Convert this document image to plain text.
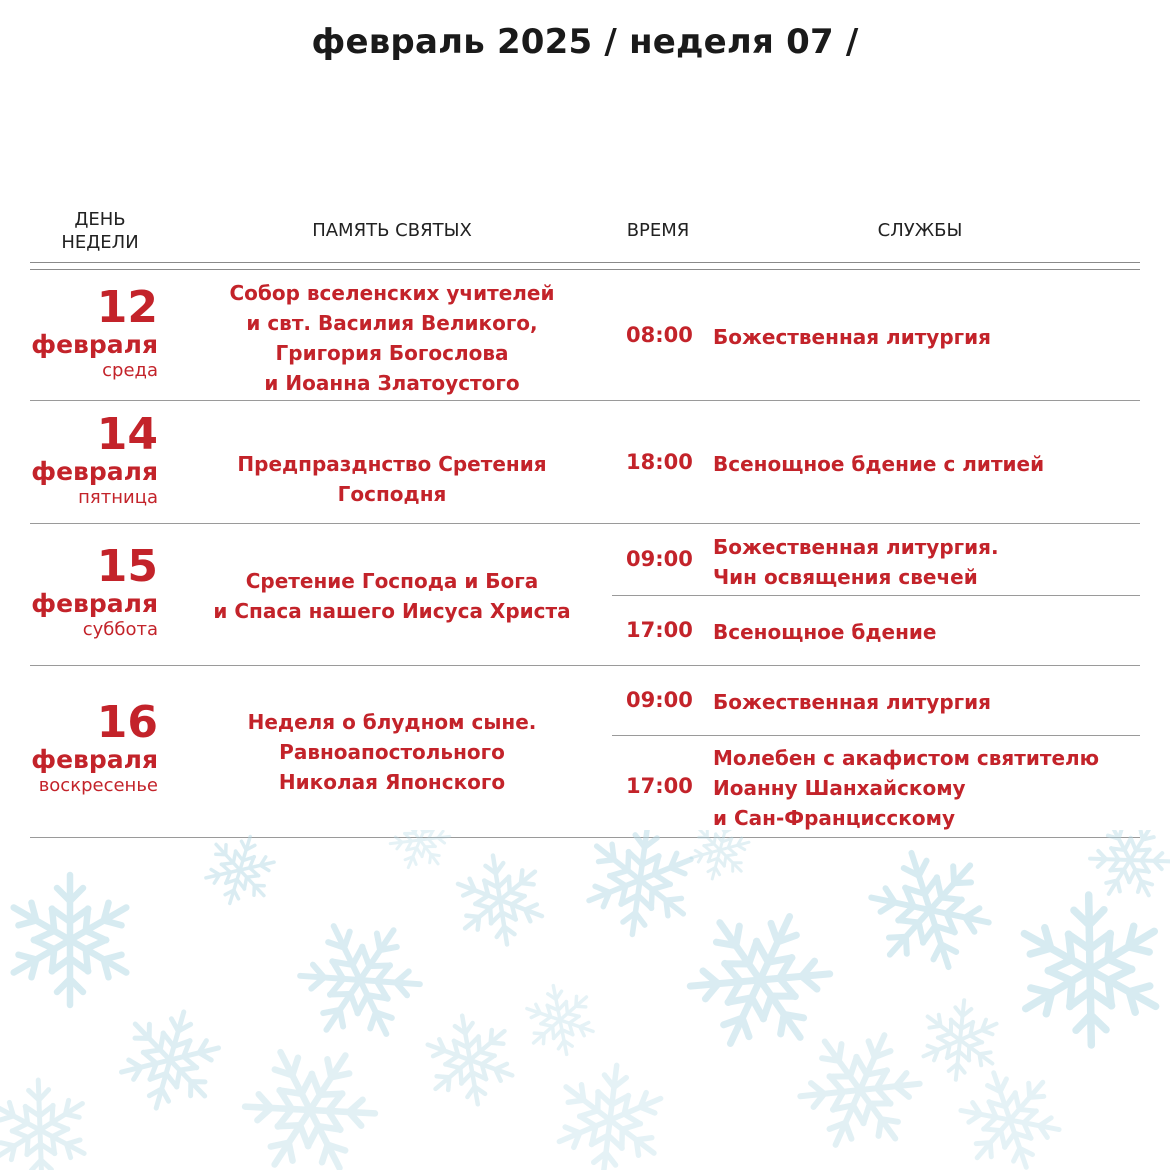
февраль 2025 / неделя 07 /
ДЕНЬ
НЕДЕЛИ
ПАМЯТЬ СВЯТЫХ	ВРЕМЯ	СЛУЖБЫ
12
февраля
среда
Собор вселенских учителей
и свт. Василия Великого,
Григория Богослова
и Иоанна Златоустого
08:00 Божественная литургия
14
февраля
пятница
Предпразднство Сретения Господня
18:00 Всенощное бдение с литией
15
февраля
суббота
Сретение Господа и Бога
и Спаса нашего Иисуса Христа
09:00 Божественная литургия.
Чин освящения свечей
17:00 Всенощное бдение
16
февраля
воскресенье
Неделя о блудном сыне.
Равноапостольного
Николая Японского
09:00 Божественная литургия
17:00
Молебен с акафистом святителю
Иоанну Шанхайскому
и Сан-Францисскому
